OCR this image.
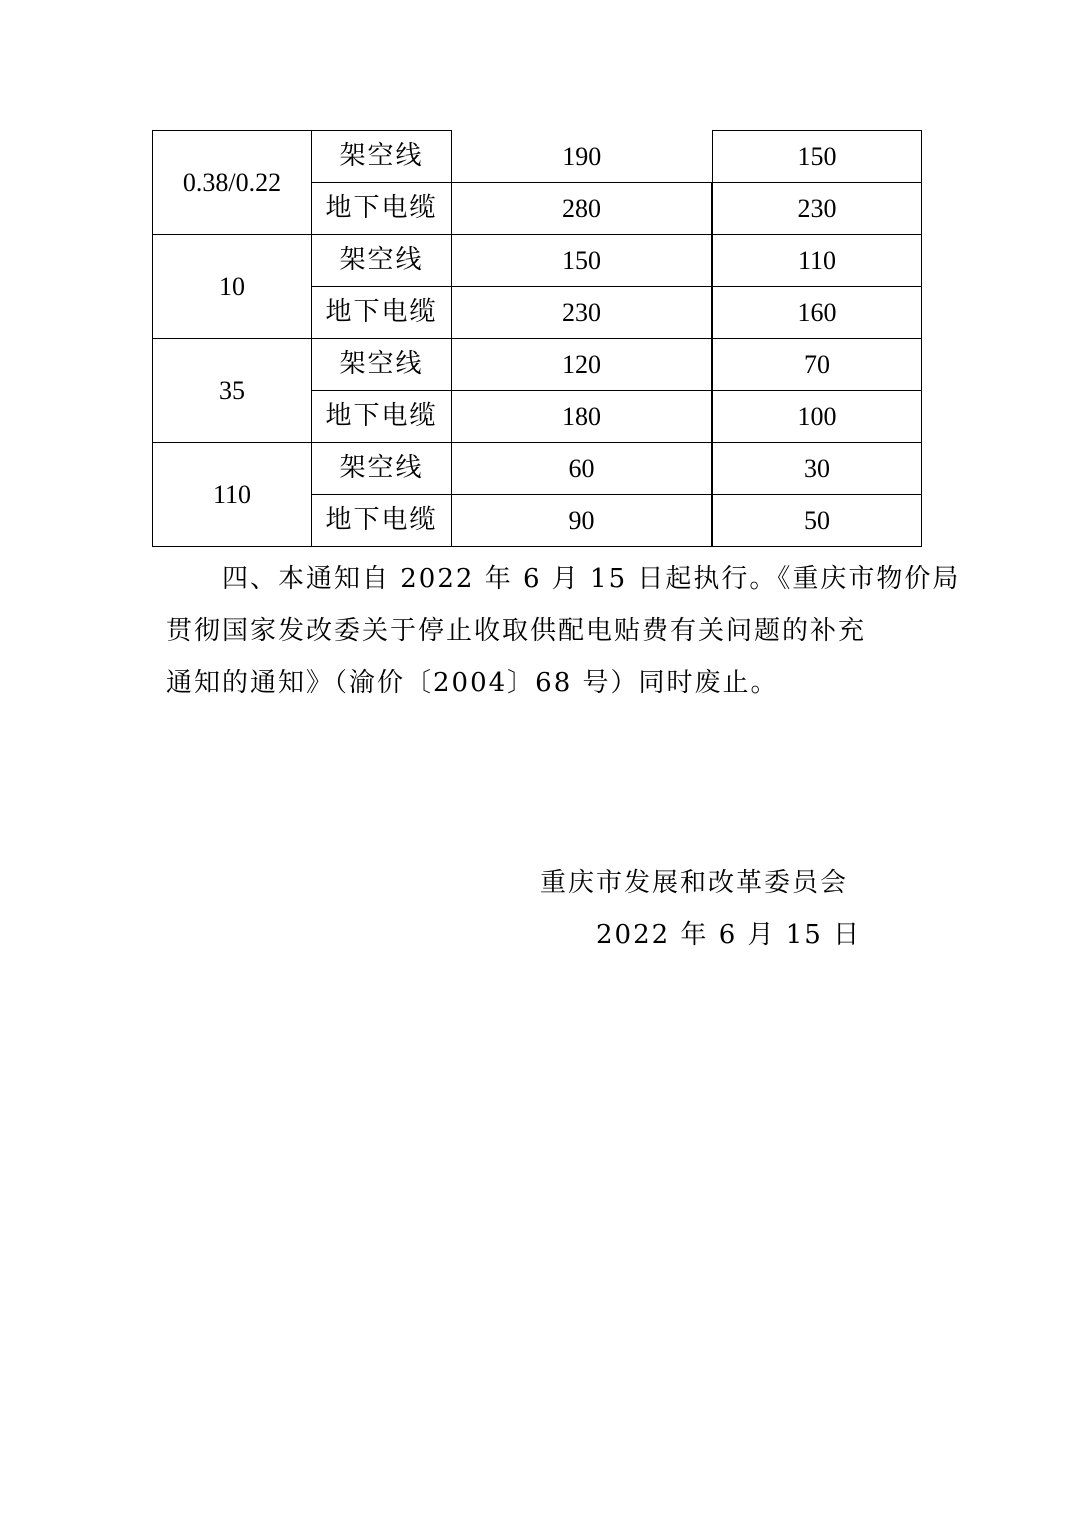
0.38/0.22	架空线	190		150
	地下电缆	280		230
10	架空线	150		110
	地下电缆	230		160
35	架空线	120		70
	地下电缆	180		100
110	架空线	60		30
	地下电缆	90		50
　　四、本通知自 2022 年 6 月 15 日起执行。《重庆市物价局
贯彻国家发改委关于停止收取供配电贴费有关问题的补充
通知的通知》（渝价〔2004〕68 号）同时废止。
重庆市发展和改革委员会
2022 年 6 月 15 日
